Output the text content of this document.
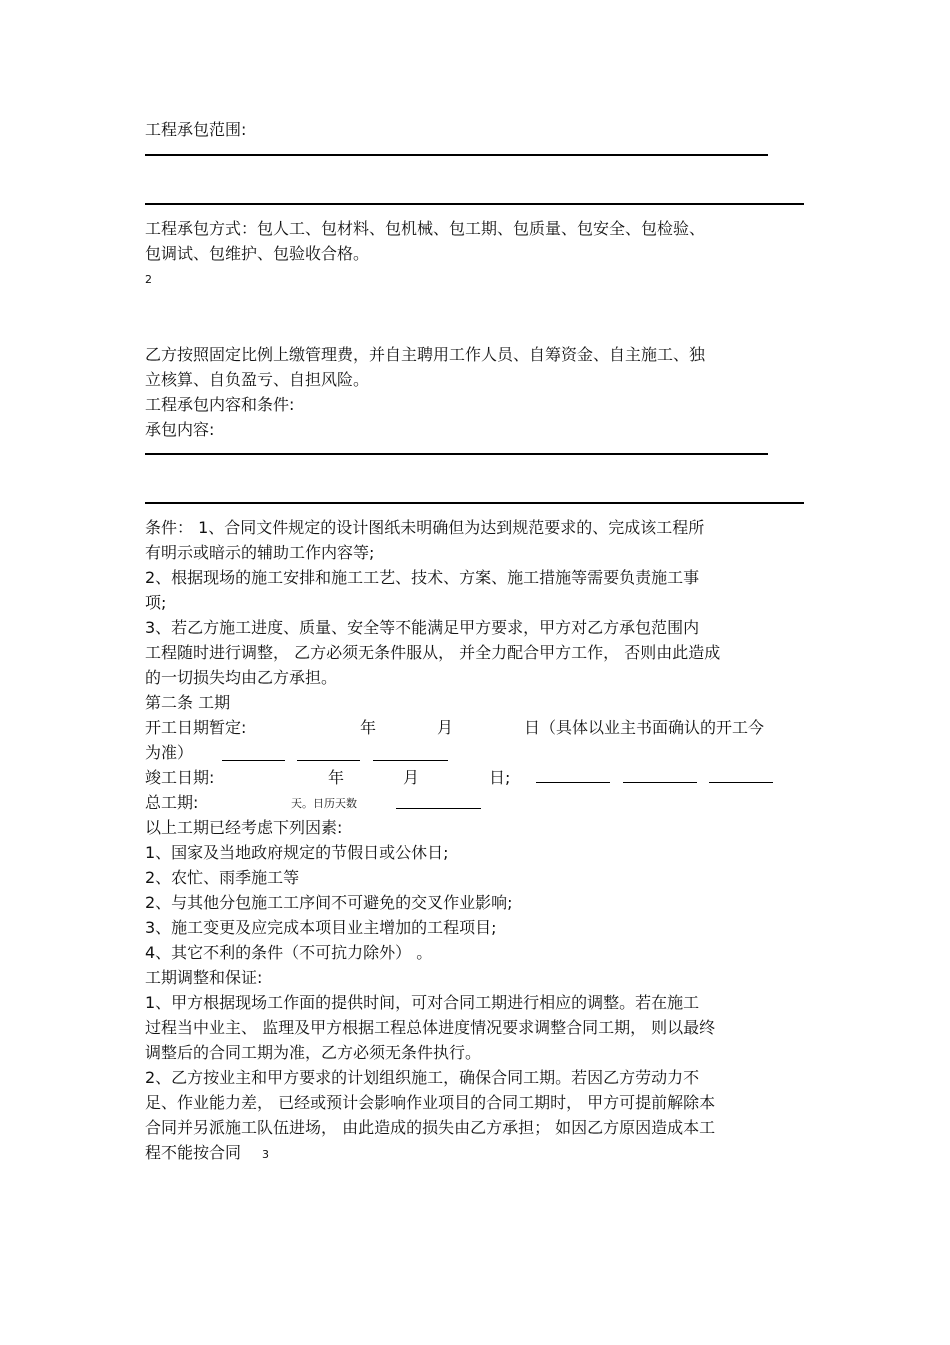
工程承包范围:
工程承包方式：包人工、包材料、包机械、包工期、包质量、包安全、包检验、
包调试、包维护、包验收合格。
2
乙方按照固定比例上缴管理费，并自主聘用工作人员、自筹资金、自主施工、独
立核算、自负盈亏、自担风险。
工程承包内容和条件:
承包内容:
条件： 1、合同文件规定的设计图纸未明确但为达到规范要求的、完成该工程所
有明示或暗示的辅助工作内容等;
2、根据现场的施工安排和施工工艺、技术、方案、施工措施等需要负责施工事
项;
3、若乙方施工进度、质量、安全等不能满足甲方要求，甲方对乙方承包范围内
工程随时进行调整， 乙方必须无条件服从， 并全力配合甲方工作， 否则由此造成
的一切损失均由乙方承担。
第二条 工期
开工日期暂定:	年	月	日（具体以业主书面确认的开工今
为准）
竣工日期:	年	月	日;
总工期:	天。日历天数
以上工期已经考虑下列因素:
1、国家及当地政府规定的节假日或公休日;
2、农忙、雨季施工等
2、与其他分包施工工序间不可避免的交叉作业影响;
3、施工变更及应完成本项目业主增加的工程项目;
4、其它不利的条件（不可抗力除外） 。
工期调整和保证:
1、甲方根据现场工作面的提供时间，可对合同工期进行相应的调整。若在施工
过程当中业主、 监理及甲方根据工程总体进度情况要求调整合同工期， 则以最终
调整后的合同工期为准，乙方必须无条件执行。
2、乙方按业主和甲方要求的计划组织施工，确保合同工期。若因乙方劳动力不
足、作业能力差， 已经或预计会影响作业项目的合同工期时， 甲方可提前解除本
合同并另派施工队伍进场， 由此造成的损失由乙方承担； 如因乙方原因造成本工
程不能按合同 3
